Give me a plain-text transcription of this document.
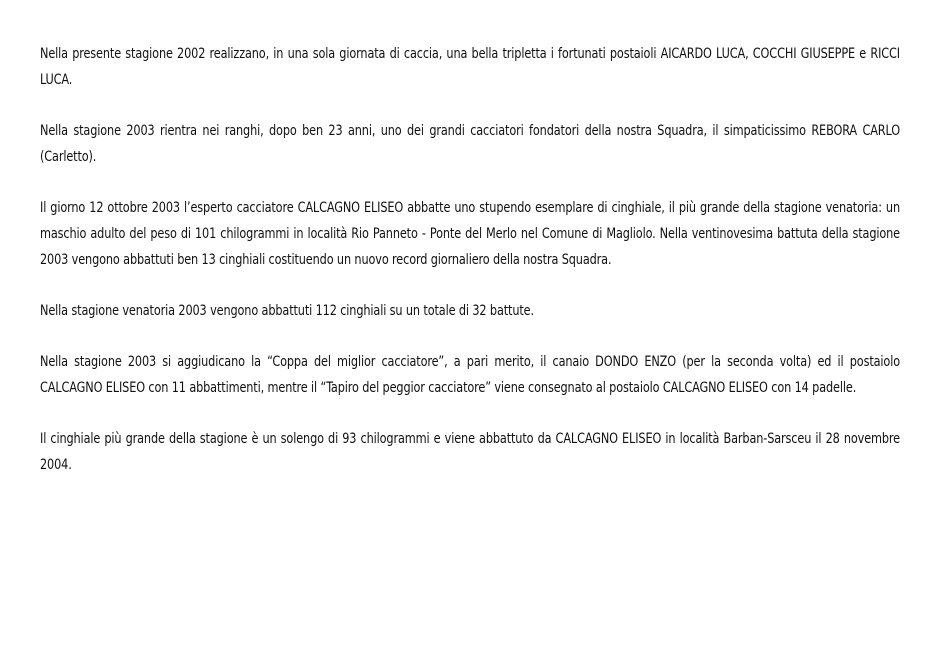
Nella presente stagione 2002 realizzano, in una sola giornata di caccia, una bella tripletta i fortunati postaioli AICARDO LUCA, COCCHI GIUSEPPE e RICCI LUCA.

Nella stagione 2003 rientra nei ranghi, dopo ben 23 anni, uno dei grandi cacciatori fondatori della nostra Squadra, il simpaticissimo REBORA CARLO (Carletto).

Il giorno 12 ottobre 2003 l’esperto cacciatore CALCAGNO ELISEO abbatte uno stupendo esemplare di cinghiale, il più grande della stagione venatoria: un maschio adulto del peso di 101 chilogrammi in località Rio Panneto - Ponte del Merlo nel Comune di Magliolo. Nella ventinovesima battuta della stagione 2003 vengono abbattuti ben 13 cinghiali costituendo un nuovo record giornaliero della nostra Squadra.

Nella stagione venatoria 2003 vengono abbattuti 112 cinghiali su un totale di 32 battute.

Nella stagione 2003 si aggiudicano la “Coppa del miglior cacciatore”, a pari merito, il canaio DONDO ENZO (per la seconda volta) ed il postaiolo CALCAGNO ELISEO con 11 abbattimenti, mentre il “Tapiro del peggior cacciatore” viene consegnato al postaiolo CALCAGNO ELISEO con 14 padelle.

Il cinghiale più grande della stagione è un solengo di 93 chilogrammi e viene abbattuto da CALCAGNO ELISEO in località Barban-Sarsceu il 28 novembre 2004.
